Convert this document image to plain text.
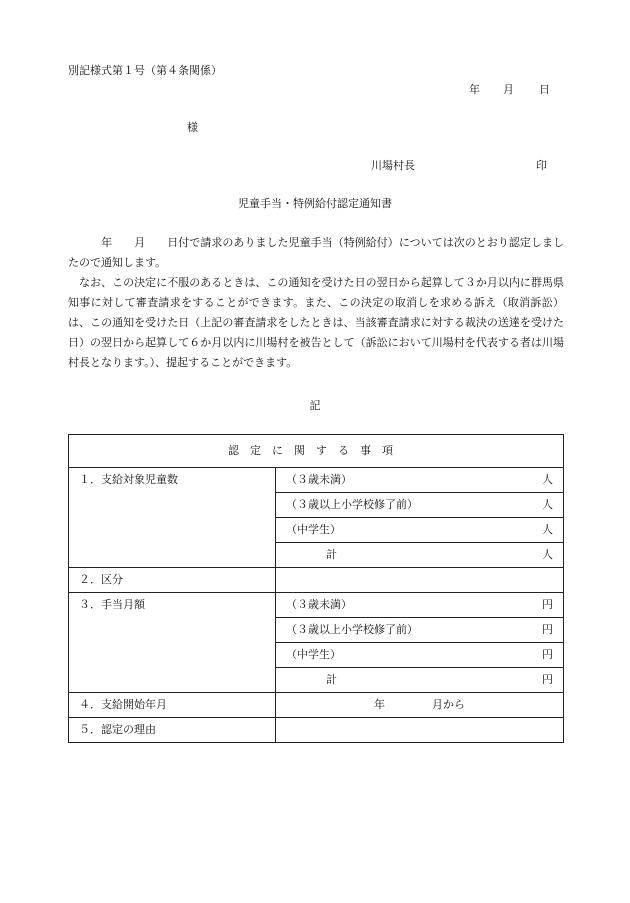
別記様式第１号（第４条関係）
年 月 日
様
川場村長	印
児童手当・特例給付認定通知書
　　　年　　月　　日付で請求のありました児童手当（特例給付）については次のとおり認定しましたので通知します。
　なお、この決定に不服のあるときは、この通知を受けた日の翌日から起算して３か月以内に群馬県知事に対して審査請求をすることができます。また、この決定の取消しを求める訴え（取消訴訟）は、この通知を受けた日（上記の審査請求をしたときは、当該審査請求に対する裁決の送達を受けた日）の翌日から起算して６か月以内に川場村を被告として（訴訟において川場村を代表する者は川場村長となります。）、提起することができます。
記
認定に関する事項	
１．支給対象児童数	（３歳未満） 人

	（３歳以上小学校修了前） 人

	（中学生） 人

	計 人

２．区分	
３．手当月額	（３歳未満） 円

	（３歳以上小学校修了前） 円

	（中学生） 円

	計 円

４．支給開始年月	年 月から
５．認定の理由	
